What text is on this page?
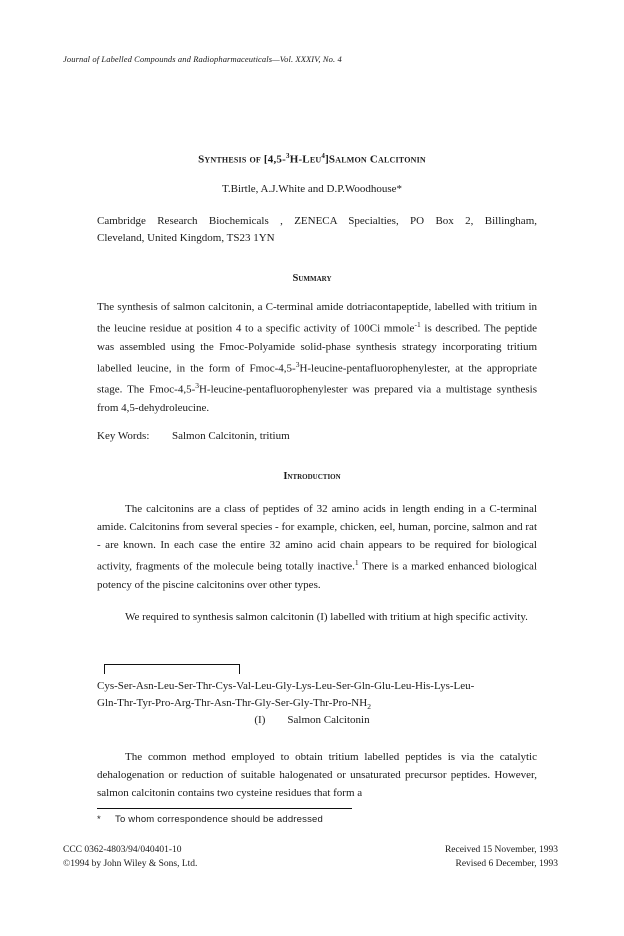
Journal of Labelled Compounds and Radiopharmaceuticals—Vol. XXXIV, No. 4
Synthesis of [4,5-$^3$H-Leu$^4$]Salmon Calcitonin
T.Birtle, A.J.White and D.P.Woodhouse*
Cambridge Research Biochemicals , ZENECA Specialties, PO Box 2, Billingham,
Cleveland, United Kingdom, TS23 1YN
Summary
The synthesis of salmon calcitonin, a C-terminal amide dotriacontapeptide, labelled with tritium in the leucine residue at position 4 to a specific activity of 100Ci mmole$^{-1}$ is described. The peptide was assembled using the Fmoc-Polyamide solid-phase synthesis strategy incorporating tritium labelled leucine, in the form of Fmoc-4,5-$^3$H-leucine-pentafluorophenylester, at the appropriate stage. The Fmoc-4,5-$^3$H-leucine-pentafluorophenylester was prepared via a multistage synthesis from 4,5-dehydroleucine.
Key Words: Salmon Calcitonin, tritium
Introduction
The calcitonins are a class of peptides of 32 amino acids in length ending in a C-terminal amide. Calcitonins from several species - for example, chicken, eel, human, porcine, salmon and rat - are known. In each case the entire 32 amino acid chain appears to be required for biological activity, fragments of the molecule being totally inactive.$^1$ There is a marked enhanced biological potency of the piscine calcitonins over other types.
We required to synthesis salmon calcitonin (I) labelled with tritium at high specific activity.
Cys-Ser-Asn-Leu-Ser-Thr-Cys-Val-Leu-Gly-Lys-Leu-Ser-Gln-Glu-Leu-His-Lys-Leu-
Gln-$Thr-Tyr-Pro-Arg-Thr-Asn-Thr-Gly-Ser-Gly-Thr-Pro-NH_2$
(I) Salmon Calcitonin
The common method employed to obtain tritium labelled peptides is via the catalytic dehalogenation or reduction of suitable halogenated or unsaturated precursor peptides. However, salmon calcitonin contains two cysteine residues that form a
* To whom correspondence should be addressed
CCC 0362-4803/94/040401-10
©1994 by John Wiley & Sons, Ltd.
Received 15 November, 1993
Revised 6 December, 1993
